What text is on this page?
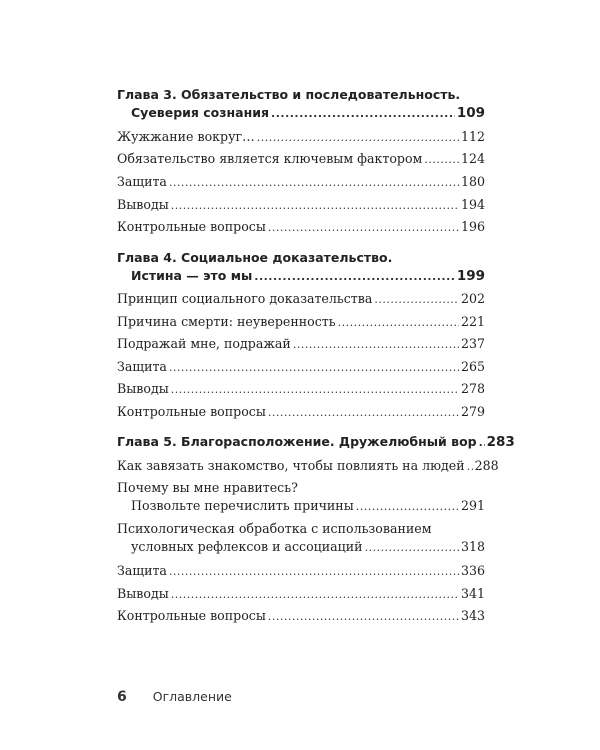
Глава 3. Обязательство и последовательность.
Суеверия сознания .....	109
Жужжание вокруг… .....	112
Обязательство является ключевым фактором .....	124
Защита .....	180
Выводы .....	194
Контрольные вопросы .....	196
Глава 4. Социальное доказательство.
Истина — это мы .....	199
Принцип социального доказательства .....	202
Причина смерти: неуверенность .....	221
Подражай мне, подражай .....	237
Защита .....	265
Выводы .....	278
Контрольные вопросы .....	279
Глава 5. Благорасположение. Дружелюбный вор ..... 283
Как завязать знакомство, чтобы повлиять на людей ..... 288
Почему вы мне нравитесь?
Позвольте перечислить причины .....	291
Психологическая обработка с использованием
условных рефлексов и ассоциаций .....	318
Защита .....	336
Выводы .....	341
Контрольные вопросы .....	343
6 Оглавление
